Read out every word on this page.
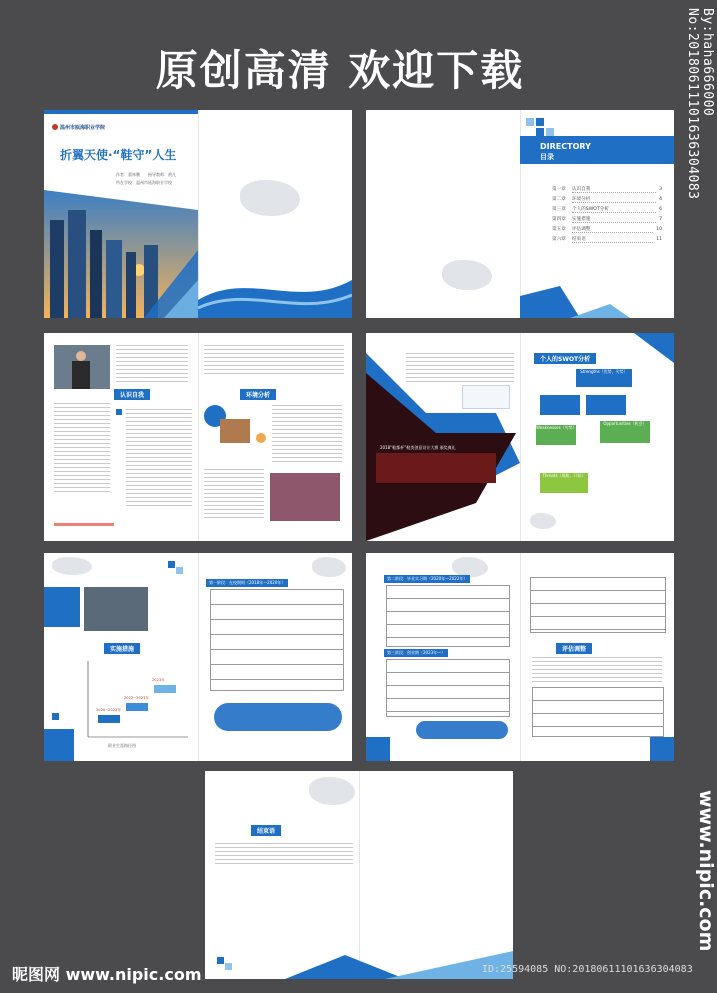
原创高清 欢迎下载	By:haha666000 No:20180611101636304083
www.nipic.com
温州市瓯海职业学院
折翼天使·“鞋守”人生
作者：董林鹏 指导教师：黄凡
所在学校：温州市瓯海职业学校
DIRECTORY
目录
第一章	认识自我	3
第二章	环境分析	4
第三章	个人的SWOT分析	6
第四章	实施措施	7
第五章	评估调整	10
第六章	结束语	11
认识自我	环境分析
2018“鞋都杯”鞋类创意设计大赛 颁奖典礼
个人的SWOT分析
Strengths（优势，劣势）
Weaknesses（劣势）
Opportunities（机会）
Threats（威胁，开始）
实施措施
2020~2022年
2022~2023年
2023年
职业生涯路径图
第一阶段：在校期间（2018年—2020年）
第二阶段：毕业实习期（2020年—2022年）
第三阶段：创业期（2023年—）	评估调整
结束语
昵图网 www.nipic.com	ID:25594085 NO:20180611101636304083
